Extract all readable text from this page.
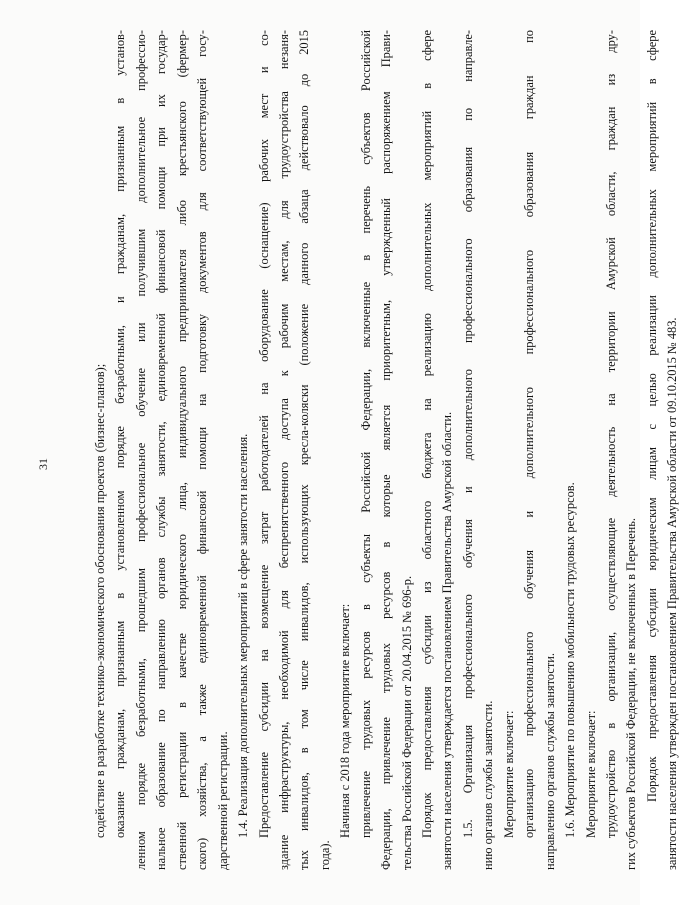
31	содействие в разработке технико-экономического обоснования проектов (бизнес-планов); оказание гражданам, признанным в установленном порядке безработными, и гражданам, признанным в установ- ленном порядке безработными, прошедшим профессиональное обучение или получившим дополнительное профессио- нальное образование по направлению органов службы занятости, единовременной финансовой помощи при их государ- ственной регистрации в качестве юридического лица, индивидуального предпринимателя либо крестьянского (фермер- ского) хозяйства, а также единовременной финансовой помощи на подготовку документов для соответствующей госу- дарственной регистрации. 1.4. Реализация дополнительных мероприятий в сфере занятости населения. Предоставление субсидии на возмещение затрат работодателей на оборудование (оснащение) рабочих мест и со- здание инфраструктуры, необходимой для беспрепятственного доступа к рабочим местам, для трудоустройства незаня- тых инвалидов, в том числе инвалидов, использующих кресла-коляски (положение данного абзаца действовало до 2015 года).
Начиная с 2018 года мероприятие включает: привлечение трудовых ресурсов в субъекты Российской Федерации, включенные в перечень субъектов Российской Федерации, привлечение трудовых ресурсов в которые является приоритетным, утвержденный распоряжением Прави- тельства Российской Федерации от 20.04.2015 № 696-р. Порядок предоставления субсидии из областного бюджета на реализацию дополнительных мероприятий в сфере занятости населения утверждается постановлением Правительства Амурской области. 1.5. Организация профессионального обучения и дополнительного профессионального образования по направле- нию органов службы занятости. Мероприятие включает: организацию профессионального обучения и дополнительного профессионального образования граждан по направлению органов службы занятости. 1.6. Мероприятие по повышению мобильности трудовых ресурсов. Мероприятие включает: трудоустройство в организации, осуществляющие деятельность на территории Амурской области, граждан из дру- гих субъектов Российской Федерации, не включенных в Перечень. Порядок предоставления субсидии юридическим лицам с целью реализации дополнительных мероприятий в сфере занятости населения утвержден постановлением Правительства Амурской области от 09.10.2015 № 483.
